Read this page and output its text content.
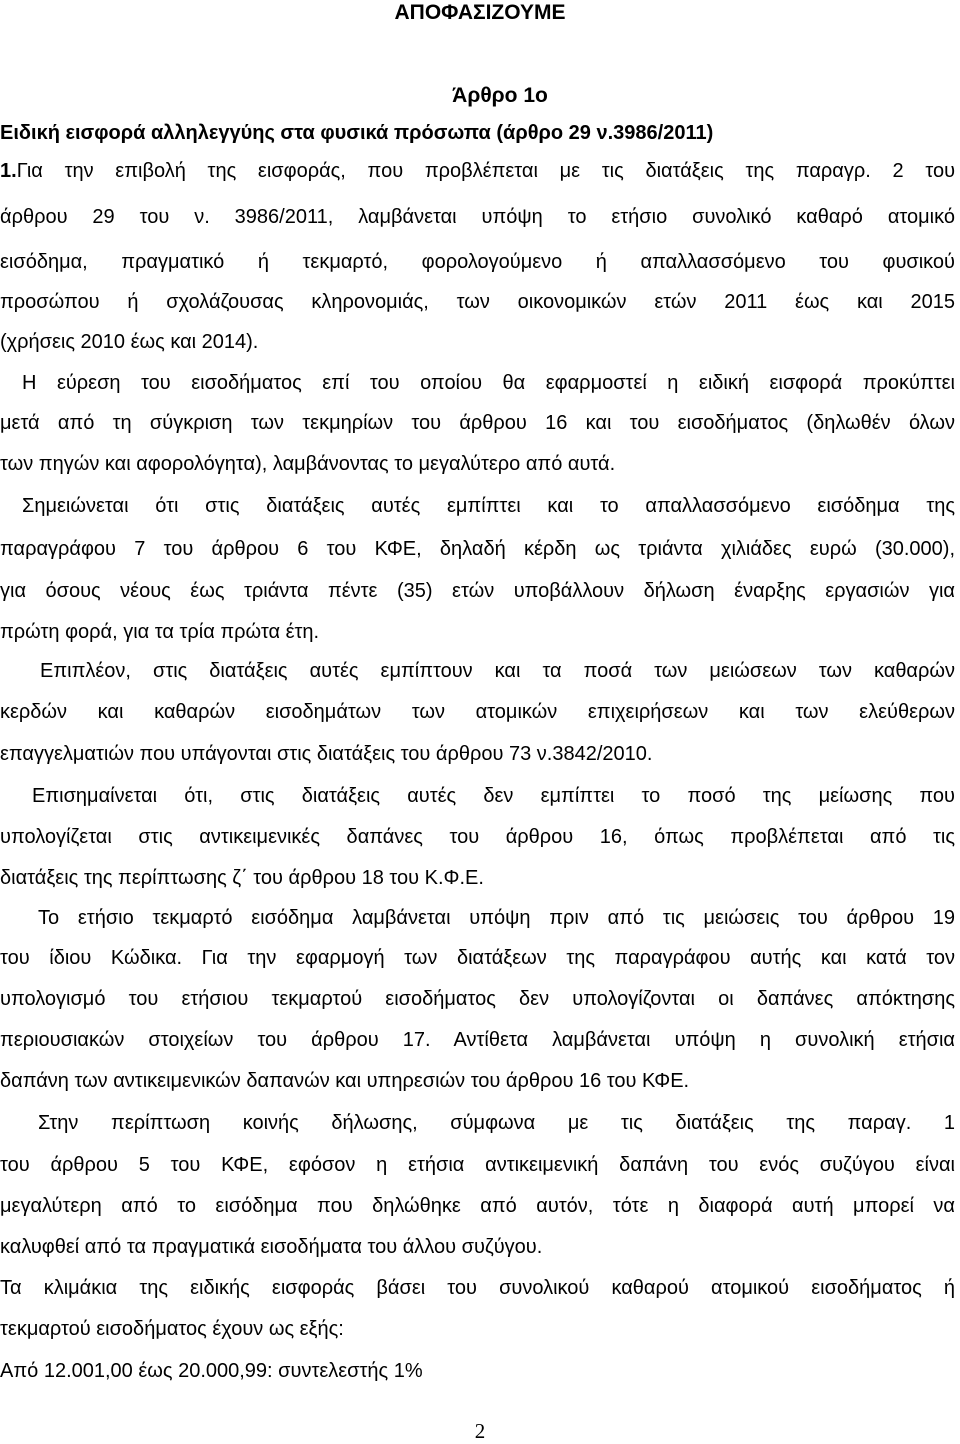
ΑΠΟΦΑΣΙΖΟΥΜΕ
Άρθρο 1ο

Ειδική εισφορά αλληλεγγύης στα φυσικά πρόσωπα (άρθρο 29 ν.3986/2011)

1.Για την επιβολή της εισφοράς, που προβλέπεται με τις διατάξεις της παραγρ. 2 του

άρθρου 29 του ν. 3986/2011, λαμβάνεται υπόψη το ετήσιο συνολικό καθαρό ατομικό

εισόδημα, πραγματικό ή τεκμαρτό, φορολογούμενο ή απαλλασσόμενο του φυσικού

προσώπου ή σχολάζουσας κληρονομιάς, των οικονομικών ετών 2011 έως και 2015

(χρήσεις 2010 έως και 2014).

Η εύρεση του εισοδήματος επί του οποίου θα εφαρμοστεί η ειδική εισφορά προκύπτει

μετά από τη σύγκριση των τεκμηρίων του άρθρου 16 και του εισοδήματος (δηλωθέν όλων

των πηγών και αφορολόγητα), λαμβάνοντας το μεγαλύτερο από αυτά.

Σημειώνεται ότι στις διατάξεις αυτές εμπίπτει και το απαλλασσόμενο εισόδημα της

παραγράφου 7 του άρθρου 6 του ΚΦΕ, δηλαδή κέρδη ως τριάντα χιλιάδες ευρώ (30.000),

για όσους νέους έως τριάντα πέντε (35) ετών υποβάλλουν δήλωση έναρξης εργασιών για

πρώτη φορά, για τα τρία πρώτα έτη.

Επιπλέον, στις διατάξεις αυτές εμπίπτουν και τα ποσά των μειώσεων των καθαρών

κερδών και καθαρών εισοδημάτων των ατομικών επιχειρήσεων και των ελεύθερων

επαγγελματιών που υπάγονται στις διατάξεις του άρθρου 73 ν.3842/2010.

Επισημαίνεται ότι, στις διατάξεις αυτές δεν εμπίπτει το ποσό της μείωσης που

υπολογίζεται στις αντικειμενικές δαπάνες του άρθρου 16, όπως προβλέπεται από τις

διατάξεις της περίπτωσης ζ΄ του άρθρου 18 του Κ.Φ.Ε.

Το ετήσιο τεκμαρτό εισόδημα λαμβάνεται υπόψη πριν από τις μειώσεις του άρθρου 19

του ίδιου Κώδικα. Για την εφαρμογή των διατάξεων της παραγράφου αυτής και κατά τον

υπολογισμό του ετήσιου τεκμαρτού εισοδήματος δεν υπολογίζονται οι δαπάνες απόκτησης

περιουσιακών στοιχείων του άρθρου 17. Αντίθετα λαμβάνεται υπόψη η συνολική ετήσια

δαπάνη των αντικειμενικών δαπανών και υπηρεσιών του άρθρου 16 του ΚΦΕ.

Στην περίπτωση κοινής δήλωσης, σύμφωνα με τις διατάξεις της παραγ. 1

του άρθρου 5 του ΚΦΕ, εφόσον η ετήσια αντικειμενική δαπάνη του ενός συζύγου είναι

μεγαλύτερη από το εισόδημα που δηλώθηκε από αυτόν, τότε η διαφορά αυτή μπορεί να

καλυφθεί από τα πραγματικά εισοδήματα του άλλου συζύγου.

Τα κλιμάκια της ειδικής εισφοράς βάσει του συνολικού καθαρού ατομικού εισοδήματος ή

τεκμαρτού εισοδήματος έχουν ως εξής:

Από 12.001,00 έως 20.000,99: συντελεστής 1%

2
